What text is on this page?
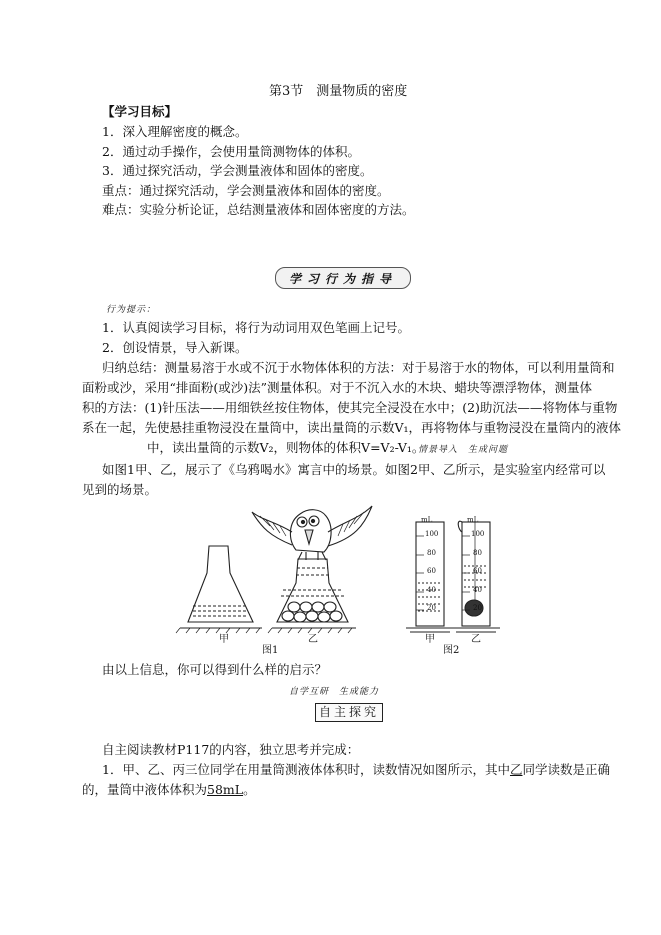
第3节　测量物质的密度
【学习目标】
1．深入理解密度的概念。
2．通过动手操作，会使用量筒测物体的体积。
3．通过探究活动，学会测量液体和固体的密度。
重点：通过探究活动，学会测量液体和固体的密度。
难点：实验分析论证，总结测量液体和固体密度的方法。
学习行为指导
行为提示：
1．认真阅读学习目标，将行为动词用双色笔画上记号。
2．创设情景，导入新课。
归纳总结：测量易溶于水或不沉于水物体体积的方法：对于易溶于水的物体，可以利用量筒和
面粉或沙，采用“排面粉(或沙)法”测量体积。对于不沉入水的木块、蜡块等漂浮物体，测量体
积的方法：(1)针压法——用细铁丝按住物体，使其完全浸没在水中；(2)助沉法——将物体与重物
系在一起，先使悬挂重物浸没在量筒中，读出量筒的示数V₁，再将物体与重物浸没在量筒内的液体
中，读出量筒的示数V₂，则物体的体积V=V₂-V₁。
情景导入　生成问题
如图1甲、乙，展示了《乌鸦喝水》寓言中的场景。如图2甲、乙所示，是实验室内经常可以
见到的场景。
甲	乙
图1
甲	乙
图2
mL
100
80
60
40
20
mL
100
80
60
40
20
由以上信息，你可以得到什么样的启示？
自学互研　生成能力
自主探究
自主阅读教材P117的内容，独立思考并完成：
1．甲、乙、丙三位同学在用量筒测液体体积时，读数情况如图所示，其中乙同学读数是正确
的，量筒中液体体积为58mL。
